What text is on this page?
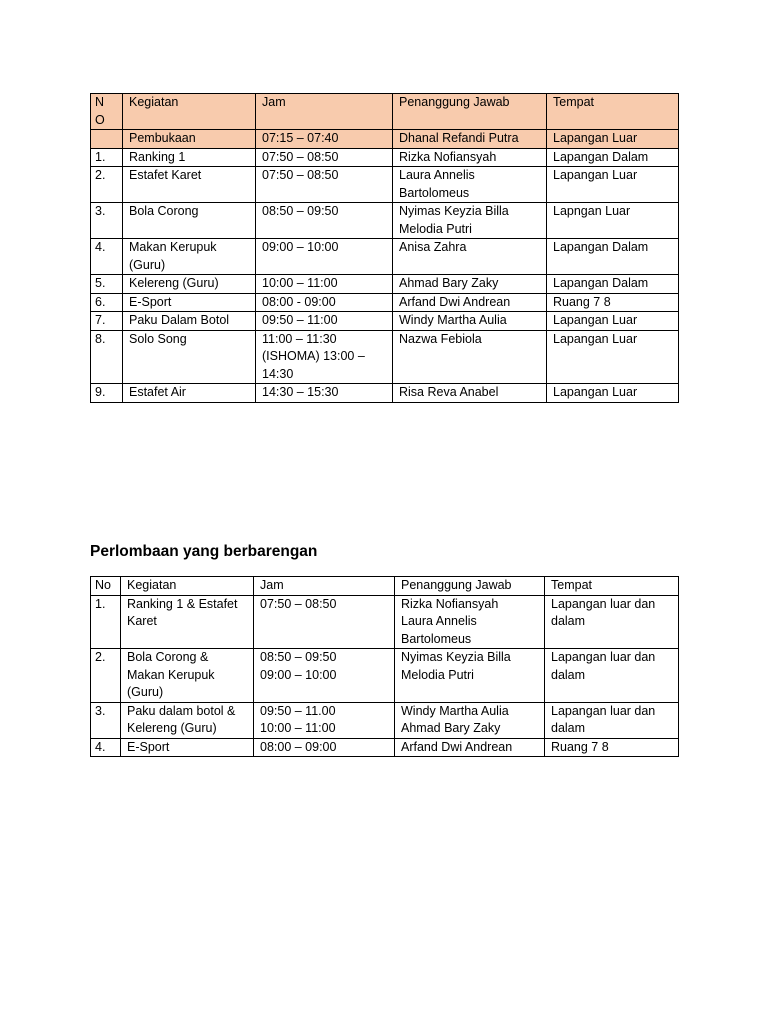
N
O	Kegiatan	Jam	Penanggung Jawab	Tempat
	Pembukaan	07:15 – 07:40	Dhanal Refandi Putra	Lapangan Luar
1.	Ranking 1	07:50 – 08:50	Rizka Nofiansyah	Lapangan Dalam
2.	Estafet Karet	07:50 – 08:50	Laura Annelis
Bartolomeus	Lapangan Luar
3.	Bola Corong	08:50 – 09:50	Nyimas Keyzia Billa
Melodia Putri	Lapngan Luar
4.	Makan Kerupuk
(Guru)	09:00 – 10:00	Anisa Zahra	Lapangan Dalam
5.	Kelereng (Guru)	10:00 – 11:00	Ahmad Bary Zaky	Lapangan Dalam
6.	E-Sport	08:00 - 09:00	Arfand Dwi Andrean	Ruang 7 8
7.	Paku Dalam Botol	09:50 – 11:00	Windy Martha Aulia	Lapangan Luar
8.	Solo Song	11:00 – 11:30
(ISHOMA) 13:00 –
14:30	Nazwa Febiola	Lapangan Luar
9.	Estafet Air	14:30 – 15:30	Risa Reva Anabel	Lapangan Luar
Perlombaan yang berbarengan
No	Kegiatan	Jam	Penanggung Jawab	Tempat
1.	Ranking 1 & Estafet
Karet	07:50 – 08:50	Rizka Nofiansyah
Laura Annelis
Bartolomeus	Lapangan luar dan
dalam
2.	Bola Corong &
Makan Kerupuk
(Guru)	08:50 – 09:50
09:00 – 10:00	Nyimas Keyzia Billa
Melodia Putri	Lapangan luar dan
dalam
3.	Paku dalam botol &
Kelereng (Guru)	09:50 – 11.00
10:00 – 11:00	Windy Martha Aulia
Ahmad Bary Zaky	Lapangan luar dan
dalam
4.	E-Sport	08:00 – 09:00	Arfand Dwi Andrean	Ruang 7 8
